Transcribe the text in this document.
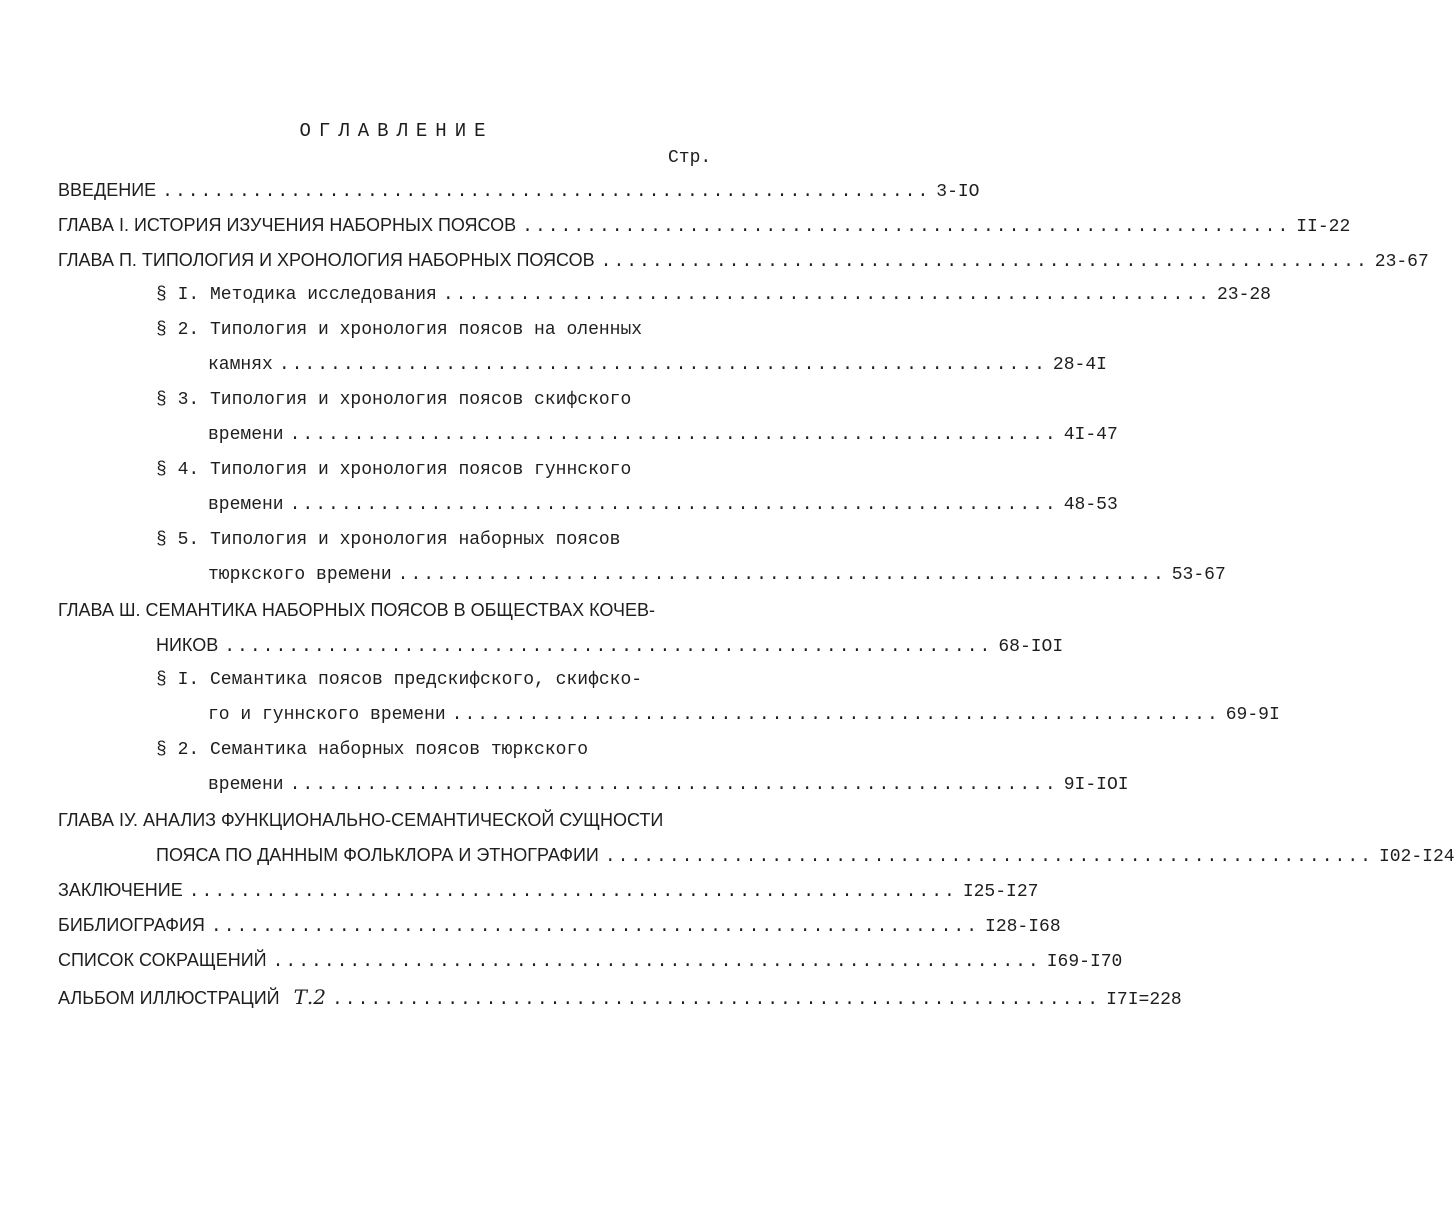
ОГЛАВЛЕНИЕ
Стр.
ВВЕДЕНИЕ ............................................................ 3-IO
ГЛАВА I. ИСТОРИЯ ИЗУЧЕНИЯ НАБОРНЫХ ПОЯСОВ ............................................................ II-22
ГЛАВА П. ТИПОЛОГИЯ И ХРОНОЛОГИЯ НАБОРНЫХ ПОЯСОВ ............................................................ 23-67
§ I. Методика исследования ............................................................ 23-28
§ 2. Типология и хронология поясов на оленных
камнях ............................................................ 28-4I
§ 3. Типология и хронология поясов скифского
времени ............................................................ 4I-47
§ 4. Типология и хронология поясов гуннского
времени ............................................................ 48-53
§ 5. Типология и хронология наборных поясов
тюркского времени ............................................................ 53-67
ГЛАВА Ш. СЕМАНТИКА НАБОРНЫХ ПОЯСОВ В ОБЩЕСТВАХ КОЧЕВ-
НИКОВ ............................................................ 68-IOI
§ I. Семантика поясов предскифского, скифско-
го и гуннского времени ............................................................ 69-9I
§ 2. Семантика наборных поясов тюркского
времени ............................................................ 9I-IOI
ГЛАВА IУ. АНАЛИЗ ФУНКЦИОНАЛЬНО-СЕМАНТИЧЕСКОЙ СУЩНОСТИ
ПОЯСА ПО ДАННЫМ ФОЛЬКЛОРА И ЭТНОГРАФИИ ............................................................ I02-I24
ЗАКЛЮЧЕНИЕ ............................................................ I25-I27
БИБЛИОГРАФИЯ ............................................................ I28-I68
СПИСОК СОКРАЩЕНИЙ ............................................................ I69-I70
АЛЬБОМ ИЛЛЮСТРАЦИЙ Т.2 ............................................................ I7I=228
